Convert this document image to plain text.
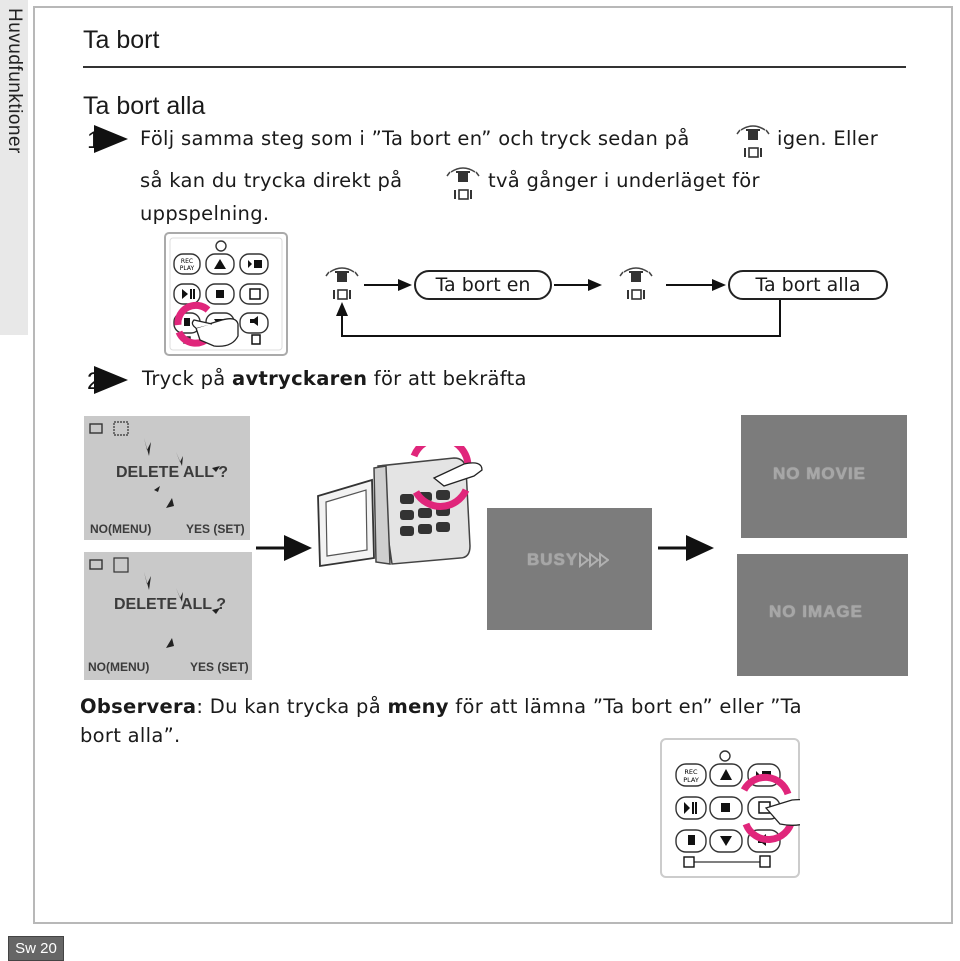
Huvudfunktioner Ta bort
Ta bort alla
1 Följ samma steg som i ”Ta bort en” och tryck sedan på	igen. Eller
så kan du trycka direkt på	två gånger i underläget för
uppspelning.
REC
PLAY
Ta bort en	Ta bort alla
2 Tryck på avtryckaren för att bekräfta
DELETE ALL ?
NO(MENU)	YES (SET)
DELETE ALL ?
NO(MENU)	YES (SET)
BUSY
NO MOVIE
NO IMAGE
Observera: Du kan trycka på meny för att lämna ”Ta bort en” eller ”Ta
bort alla”.
REC
PLAY
Sw 20
